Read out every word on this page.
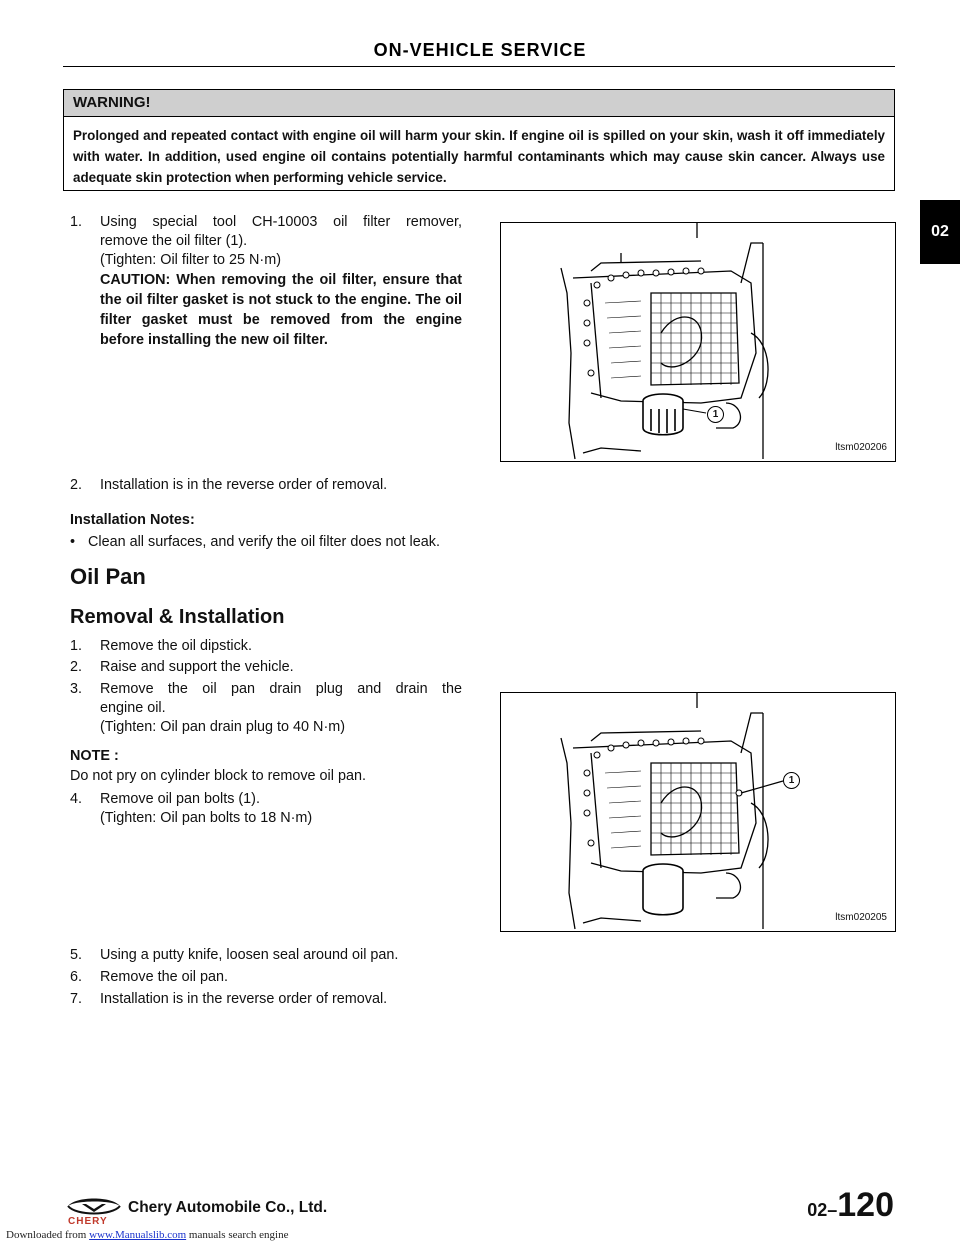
ON-VEHICLE SERVICE
WARNING!
Prolonged and repeated contact with engine oil will harm your skin. If engine oil is spilled on your skin, wash it off immediately with water. In addition, used engine oil contains potentially harmful contaminants which may cause skin cancer. Always use adequate skin protection when performing vehicle service.
02
1. Using special tool CH-10003 oil filter remover,
remove the oil filter (1).
(Tighten: Oil filter to 25 N·m)
CAUTION: When removing the oil filter, ensure that the oil filter gasket is not stuck to the engine. The oil filter gasket must be removed from the engine before installing the new oil filter.
1
ltsm020206
2. Installation is in the reverse order of removal.
Installation Notes:
• Clean all surfaces, and verify the oil filter does not leak.
Oil Pan
Removal & Installation
1. Remove the oil dipstick.
2. Raise and support the vehicle.
3. Remove the oil pan drain plug and drain the
engine oil.
(Tighten: Oil pan drain plug to 40 N·m)
NOTE :
Do not pry on cylinder block to remove oil pan.
4. Remove oil pan bolts (1).
(Tighten: Oil pan bolts to 18 N·m)
1
ltsm020205
5. Using a putty knife, loosen seal around oil pan.
6. Remove the oil pan.
7. Installation is in the reverse order of removal.
CHERY
Chery Automobile Co., Ltd.	02–120
Downloaded from www.Manualslib.com manuals search engine
